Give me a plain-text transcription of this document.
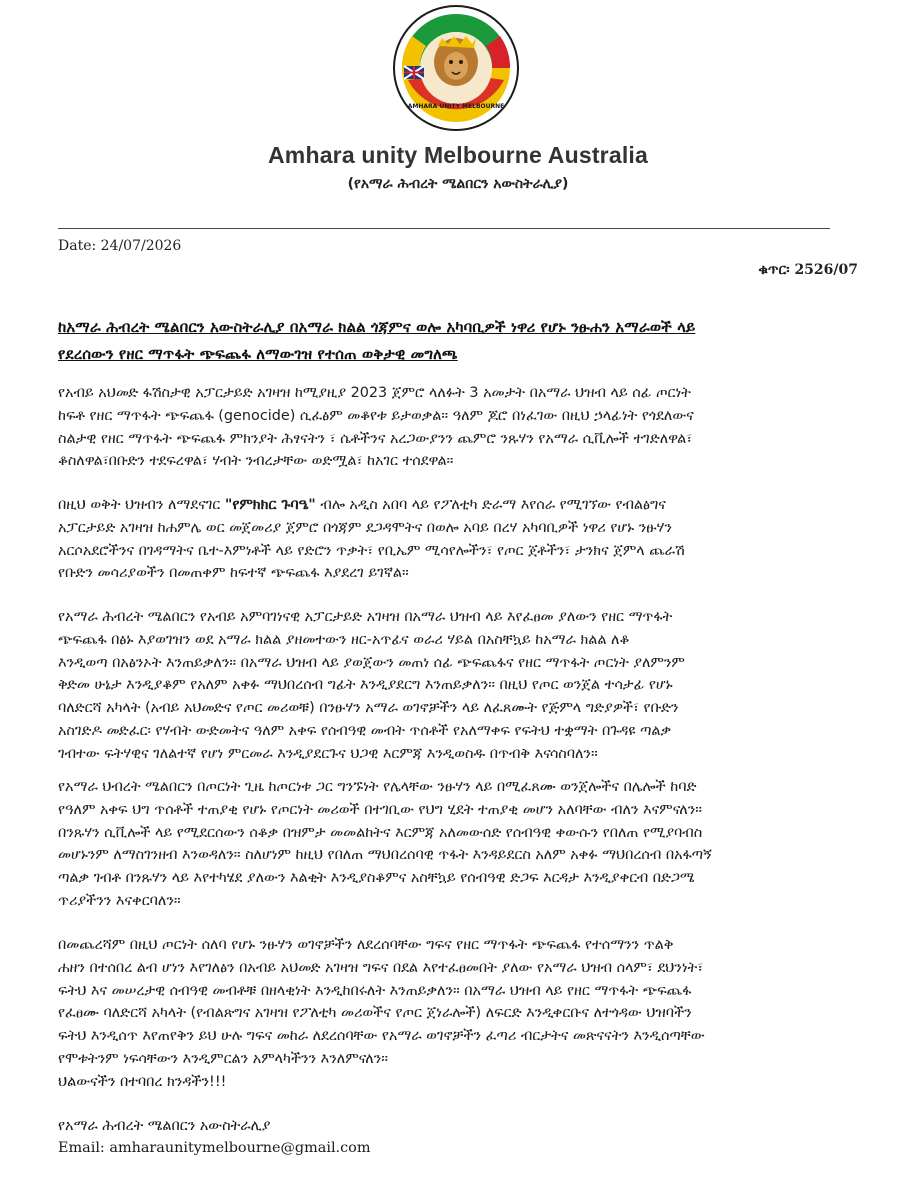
AMHARA UNITY MELBOURNE
Amhara unity Melbourne Australia
(የአማራ ሕብረት ሜልበርን አውስትራሊያ)
Date: 24/07/2026
ቁጥር፡ 2526/07
ከአማራ ሕብረት ሜልበርን አውስትራሊያ በአማራ ክልል ጎጃምና ወሎ አካባቢዎች ነዋሪ የሆኑ ንፁሐን አማራወች ላይ
የደረሰውን የዘር ማጥፋት ጭፍጨፋ ለማውገዝ የተሰጠ ወቅታዊ መግለጫ
የአብይ አህመድ ፋሽስታዊ አፓርታይድ አገዛዝ ከሚያዚያ 2023 ጀምሮ ላለፉት 3 አመታት በአማራ ህዝብ ላይ ሰፊ ጦርነት
ከፍቶ የዘር ማጥፋት ጭፍጨፋ (genocide) ሲፈፅም መቆየቱ ይታወቃል። ዓለም ጆሮ በነፈገው በዚህ ኃላፊነት የጎደለውና
ስልታዊ የዘር ማጥፋት ጭፍጨፋ ምክንያት ሕፃናትን ፣ ሴቶችንና አረጋውያንን ጨምሮ ንጹሃን የአማራ ሲቪሎች ተገድለዋል፣
ቆስለዋል፣በቡድን ተደፍረዋል፣ ሃብት ንብረታቸው ወድሟል፣ ከአገር ተሰደዋል።
በዚህ ወቅት ህዝብን ለማደናገር "የምክክር ጉባዔ" ብሎ አዲስ አበባ ላይ የፖለቲካ ድራማ እየሰራ የሚገኘው የብልፅግና
አፓርታይድ አገዛዝ ከሐምሌ ወር መጀመሪያ ጀምሮ በጎጃም ደጋዳሞትና በወሎ አባይ በረሃ አካባቢዎች ነዋሪ የሆኑ ንፁሃን
አርሶአደሮችንና በገዳማትና ቤተ-እምነቶች ላይ የድሮን ጥቃት፣ የቢኤም ሚሳየሎችን፣ የጦር ጀቶችን፣ ታንክና ጀምላ ጨራሽ
የቡድን መሳሪያወችን በመጠቀም ከፍተኛ ጭፍጨፋ እያደረገ ይገኛል።
የአማራ ሕብረት ሜልበርን የአብይ አምባገነናዊ አፓርታይድ አገዛዝ በአማራ ህዝብ ላይ እየፈፀመ ያለውን የዘር ማጥፋት
ጭፍጨፋ በፅኑ እያወገዝን ወደ አማራ ክልል ያዘመተውን ዘር-አጥፊና ወራሪ ሃይል በአስቸኳይ ከአማራ ክልል ለቆ
እንዲወጣ በአፅንኦት እንጠይቃለን። በአማራ ህዝብ ላይ ያወጀውን መጠነ ሰፊ ጭፍጨፋና የዘር ማጥፋት ጦርነት ያለምንም
ቅድመ ሁኔታ እንዲያቆም የአለም አቀፉ ማህበረሰብ ግፊት እንዲያደርግ እንጠይቃለን። በዚህ የጦር ወንጀል ተሳታፊ የሆኑ
ባለድርሻ አካላት (አብይ አህመድና የጦር መሪወቹ) በንፁሃን አማራ ወገኖቻችን ላይ ለፈጸሙት የጅምላ ግድያዎች፣ የቡድን
አስገድዶ መድፈር፡ የሃብት ውድመትና ዓለም አቀፍ የሰብዓዊ መብት ጥሰቶች የአለማቀፍ የፍትህ ተቋማት በጉዳዩ ጣልቃ
ገብተው ፍትሃዊና ገለልተኛ የሆነ ምርመራ እንዲያደርጉና ህጋዊ እርምጃ እንዲወስዱ በጥብቅ እናሳስባለን።
የአማራ ህብረት ሜልበርን በጦርነት ጊዜ ከጦርነቱ ጋር ግንኙነት የሌላቸው ንፁሃን ላይ በሚፈጸሙ ወንጀሎችና በሌሎች ከባድ
የዓለም አቀፍ ህግ ጥሰቶች ተጠያቂ የሆኑ የጦርነት መሪወች በተገቢው የህግ ሂደት ተጠያቂ መሆን አለባቸው ብለን እናምናለን።
በንጹሃን ሲቪሎች ላይ የሚደርሰውን ሰቆቃ በዝምታ መመልከትና እርምጃ አለመውሰድ የሰብዓዊ ቀውሱን የበለጠ የሚያባብስ
መሆኑንም ለማስገንዘብ እንወዳለን። ስለሆነም ከዚህ የበለጠ ማህበረሰባዊ ጥፋት እንዳይደርስ አለም አቀፉ ማህበረሰብ በአፋጣኝ
ጣልቃ ገብቶ በንጹሃን ላይ እየተካሄደ ያለውን እልቂት እንዲያስቆምና አስቸኳይ የሰብዓዊ ድጋፍ እርዳታ እንዲያቀርብ በድጋሜ
ጥሪያችንን እናቀርባለን።
በመጨረሻም በዚህ ጦርነት ሰለባ የሆኑ ንፁሃን ወገኖቻችን ለደረሰባቸው ግፍና የዘር ማጥፋት ጭፍጨፋ የተሰማንን ጥልቅ
ሐዘን በተሰበረ ልብ ሆነን እየገለፅን በአብይ አህመድ አገዛዝ ግፍና በደል እየተፈፀመበት ያለው የአማራ ህዝብ ሰላም፣ ደህንነት፣
ፍትህ እና መሠረታዊ ሰብዓዊ መብቶቹ በዘላቂነት እንዲከበሩለት እንጠይቃለን። በአማራ ህዝብ ላይ የዘር ማጥፋት ጭፍጨፋ
የፈፀሙ ባለድርሻ አካላት (የብልጽግና አገዛዝ የፖለቲካ መሪወችና የጦር ጀነራሎች) ለፍርድ እንዲቀርቡና ለተጎዳው ህዝባችን
ፍትህ እንዲሰጥ እየጠየቅን ይህ ሁሉ ግፍና መከራ ለደረሰባቸው የአማራ ወገኖቻችን ፈጣሪ ብርታትና መጽናናትን እንዲሰጣቸው
የሞቱትንም ነፍሳቸውን እንዲምርልን አምላካችንን እንለምናለን።
ህልውናችን በተባበረ ክንዳችን!!!
የአማራ ሕብረት ሜልበርን አውስትራሊያ
Email: amharaunitymelbourne@gmail.com
